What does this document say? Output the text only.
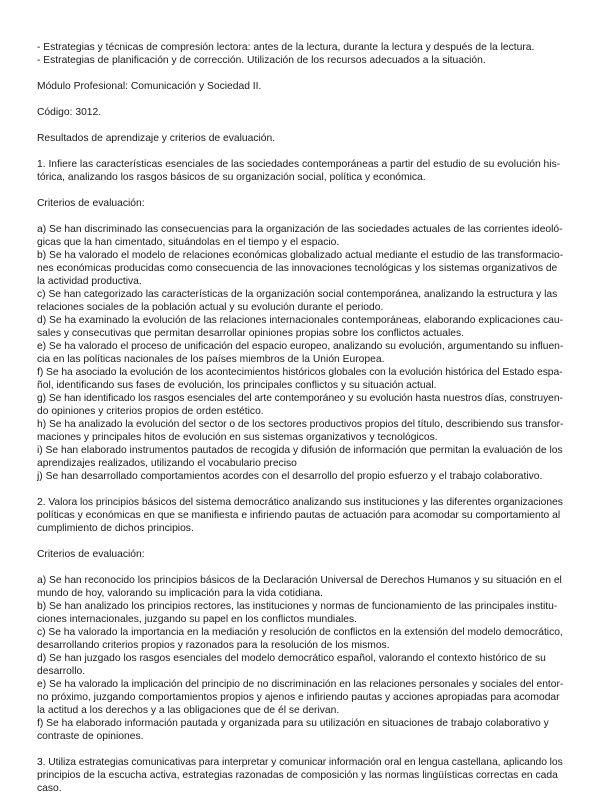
- Estrategias y técnicas de compresión lectora: antes de la lectura, durante la lectura y después de la lectura.
- Estrategias de planificación y de corrección. Utilización de los recursos adecuados a la situación.
Módulo Profesional: Comunicación y Sociedad II.
Código: 3012.
Resultados de aprendizaje y criterios de evaluación.
1. Infiere las características esenciales de las sociedades contemporáneas a partir del estudio de su evolución his-
tórica, analizando los rasgos básicos de su organización social, política y económica.
Criterios de evaluación:
a) Se han discriminado las consecuencias para la organización de las sociedades actuales de las corrientes ideoló-
gicas que la han cimentado, situándolas en el tiempo y el espacio.
b) Se ha valorado el modelo de relaciones económicas globalizado actual mediante el estudio de las transformacio-
nes económicas producidas como consecuencia de las innovaciones tecnológicas y los sistemas organizativos de
la actividad productiva.
c) Se han categorizado las características de la organización social contemporánea, analizando la estructura y las
relaciones sociales de la población actual y su evolución durante el periodo.
d) Se ha examinado la evolución de las relaciones internacionales contemporáneas, elaborando explicaciones cau-
sales y consecutivas que permitan desarrollar opiniones propias sobre los conflictos actuales.
e) Se ha valorado el proceso de unificación del espacio europeo, analizando su evolución, argumentando su influen-
cia en las políticas nacionales de los países miembros de la Unión Europea.
f) Se ha asociado la evolución de los acontecimientos históricos globales con la evolución histórica del Estado espa-
ñol, identificando sus fases de evolución, los principales conflictos y su situación actual.
g) Se han identificado los rasgos esenciales del arte contemporáneo y su evolución hasta nuestros días, construyen-
do opiniones y criterios propios de orden estético.
h) Se ha analizado la evolución del sector o de los sectores productivos propios del título, describiendo sus transfor-
maciones y principales hitos de evolución en sus sistemas organizativos y tecnológicos.
i) Se han elaborado instrumentos pautados de recogida y difusión de información que permitan la evaluación de los
aprendizajes realizados, utilizando el vocabulario preciso
j) Se han desarrollado comportamientos acordes con el desarrollo del propio esfuerzo y el trabajo colaborativo.
2. Valora los principios básicos del sistema democrático analizando sus instituciones y las diferentes organizaciones
políticas y económicas en que se manifiesta e infiriendo pautas de actuación para acomodar su comportamiento al
cumplimiento de dichos principios.
Criterios de evaluación:
a) Se han reconocido los principios básicos de la Declaración Universal de Derechos Humanos y su situación en el
mundo de hoy, valorando su implicación para la vida cotidiana.
b) Se han analizado los principios rectores, las instituciones y normas de funcionamiento de las principales institu-
ciones internacionales, juzgando su papel en los conflictos mundiales.
c) Se ha valorado la importancia en la mediación y resolución de conflictos en la extensión del modelo democrático,
desarrollando criterios propios y razonados para la resolución de los mismos.
d) Se han juzgado los rasgos esenciales del modelo democrático español, valorando el contexto histórico de su
desarrollo.
e) Se ha valorado la implicación del principio de no discriminación en las relaciones personales y sociales del entor-
no próximo, juzgando comportamientos propios y ajenos e infiriendo pautas y acciones apropiadas para acomodar
la actitud a los derechos y a las obligaciones que de él se derivan.
f) Se ha elaborado información pautada y organizada para su utilización en situaciones de trabajo colaborativo y
contraste de opiniones.
3. Utiliza estrategias comunicativas para interpretar y comunicar información oral en lengua castellana, aplicando los
principios de la escucha activa, estrategias razonadas de composición y las normas lingüísticas correctas en cada
caso.
